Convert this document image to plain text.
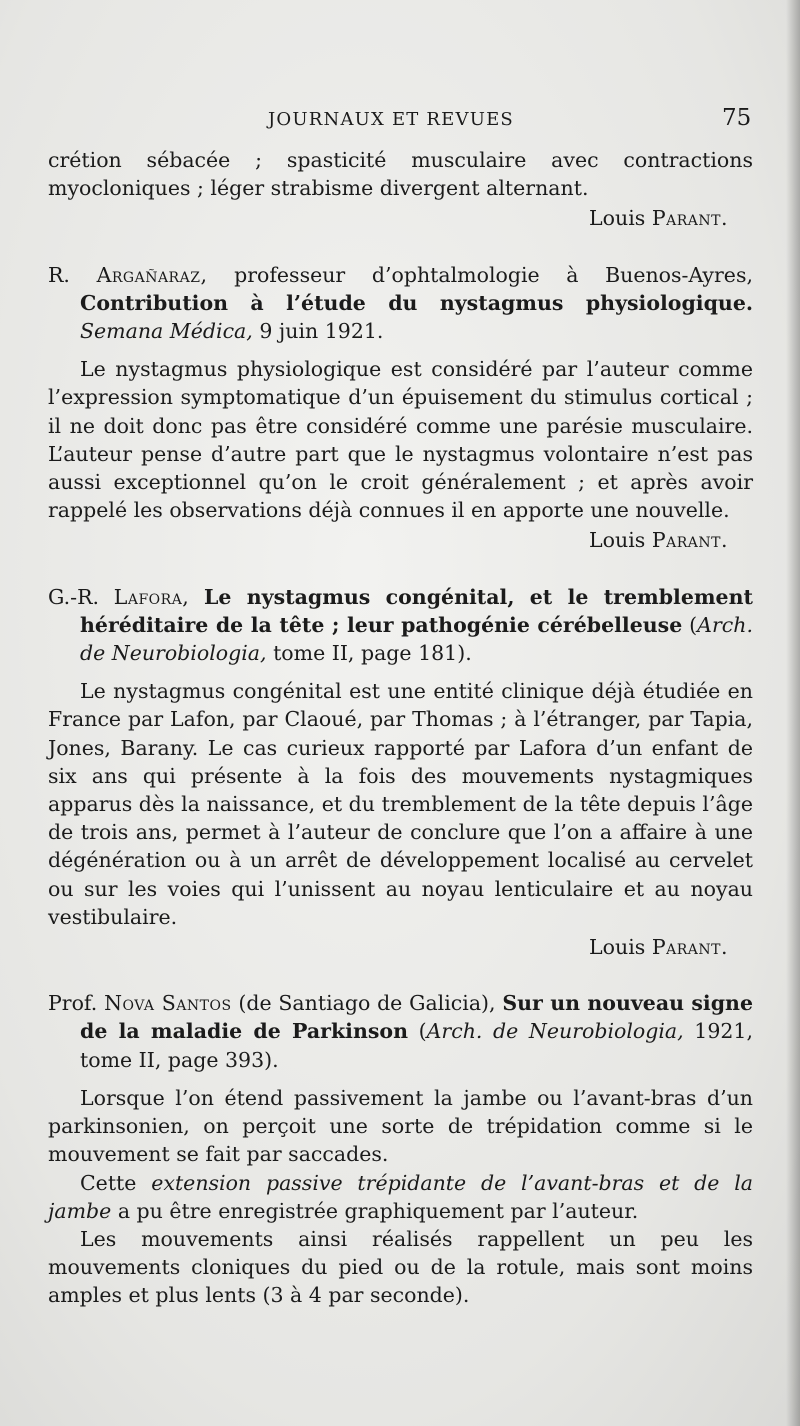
JOURNAUX ET REVUES	75

crétion sébacée ; spasticité musculaire avec contractions myocloniques ; léger strabisme divergent alternant.

Louis Parant.

R. Argañaraz, professeur d’ophtalmologie à Buenos-Ayres, Contribution à l’étude du nystagmus physiologique. Semana Médica, 9 juin 1921.

Le nystagmus physiologique est considéré par l’auteur comme l’expression symptomatique d’un épuisement du stimulus cortical ; il ne doit donc pas être considéré comme une parésie musculaire. L’auteur pense d’autre part que le nystagmus volontaire n’est pas aussi exceptionnel qu’on le croit généralement ; et après avoir rappelé les observations déjà connues il en apporte une nouvelle.

Louis Parant.

G.-R. Lafora, Le nystagmus congénital, et le tremblement héréditaire de la tête ; leur pathogénie cérébelleuse (Arch. de Neurobiologia, tome II, page 181).

Le nystagmus congénital est une entité clinique déjà étudiée en France par Lafon, par Claoué, par Thomas ; à l’étranger, par Tapia, Jones, Barany. Le cas curieux rapporté par Lafora d’un enfant de six ans qui présente à la fois des mouvements nystagmiques apparus dès la naissance, et du tremblement de la tête depuis l’âge de trois ans, permet à l’auteur de conclure que l’on a affaire à une dégénération ou à un arrêt de développement localisé au cervelet ou sur les voies qui l’unissent au noyau lenticulaire et au noyau vestibulaire.

Louis Parant.

Prof. Nova Santos (de Santiago de Galicia), Sur un nouveau signe de la maladie de Parkinson (Arch. de Neurobiologia, 1921, tome II, page 393).

Lorsque l’on étend passivement la jambe ou l’avant-bras d’un parkinsonien, on perçoit une sorte de trépidation comme si le mouvement se fait par saccades.

Cette extension passive trépidante de l’avant-bras et de la jambe a pu être enregistrée graphiquement par l’auteur.

Les mouvements ainsi réalisés rappellent un peu les mouvements cloniques du pied ou de la rotule, mais sont moins amples et plus lents (3 à 4 par seconde).
